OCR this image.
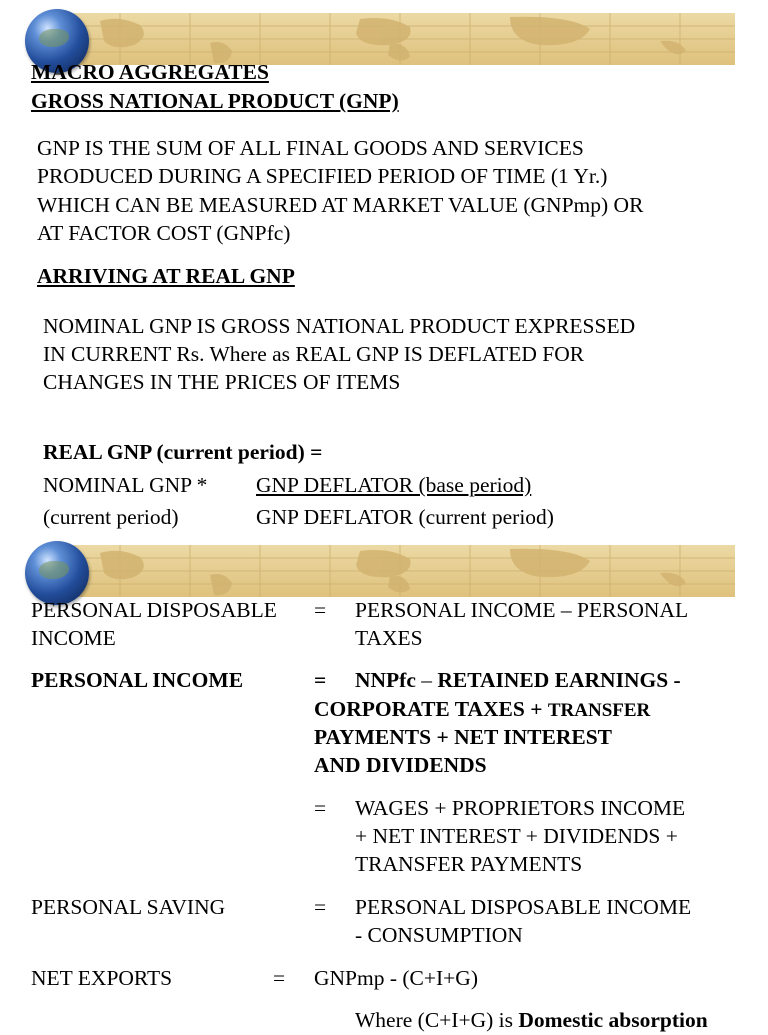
MACRO AGGREGATES
GROSS NATIONAL PRODUCT (GNP)
GNP IS THE SUM OF ALL FINAL GOODS AND SERVICES
PRODUCED DURING A SPECIFIED PERIOD OF TIME (1 Yr.)
WHICH CAN BE MEASURED AT MARKET VALUE (GNPmp) OR
AT FACTOR COST (GNPfc)
ARRIVING AT REAL GNP
NOMINAL GNP IS GROSS NATIONAL PRODUCT EXPRESSED
IN CURRENT Rs. Where as REAL GNP IS DEFLATED FOR
CHANGES IN THE PRICES OF ITEMS
REAL GNP (current period) =
NOMINAL GNP * GNP DEFLATOR (base period)
(current period)	GNP DEFLATOR (current period)
PERSONAL DISPOSABLE
INCOME
= PERSONAL INCOME – PERSONAL
TAXES
PERSONAL INCOME	= NNPfc – RETAINED EARNINGS -
CORPORATE TAXES + TRANSFER
PAYMENTS + NET INTEREST
AND DIVIDENDS
= WAGES + PROPRIETORS INCOME
+ NET INTEREST + DIVIDENDS +
TRANSFER PAYMENTS
PERSONAL SAVING	= PERSONAL DISPOSABLE INCOME
- CONSUMPTION
NET EXPORTS	= GNPmp - (C+I+G)
Where (C+I+G) is Domestic absorption
